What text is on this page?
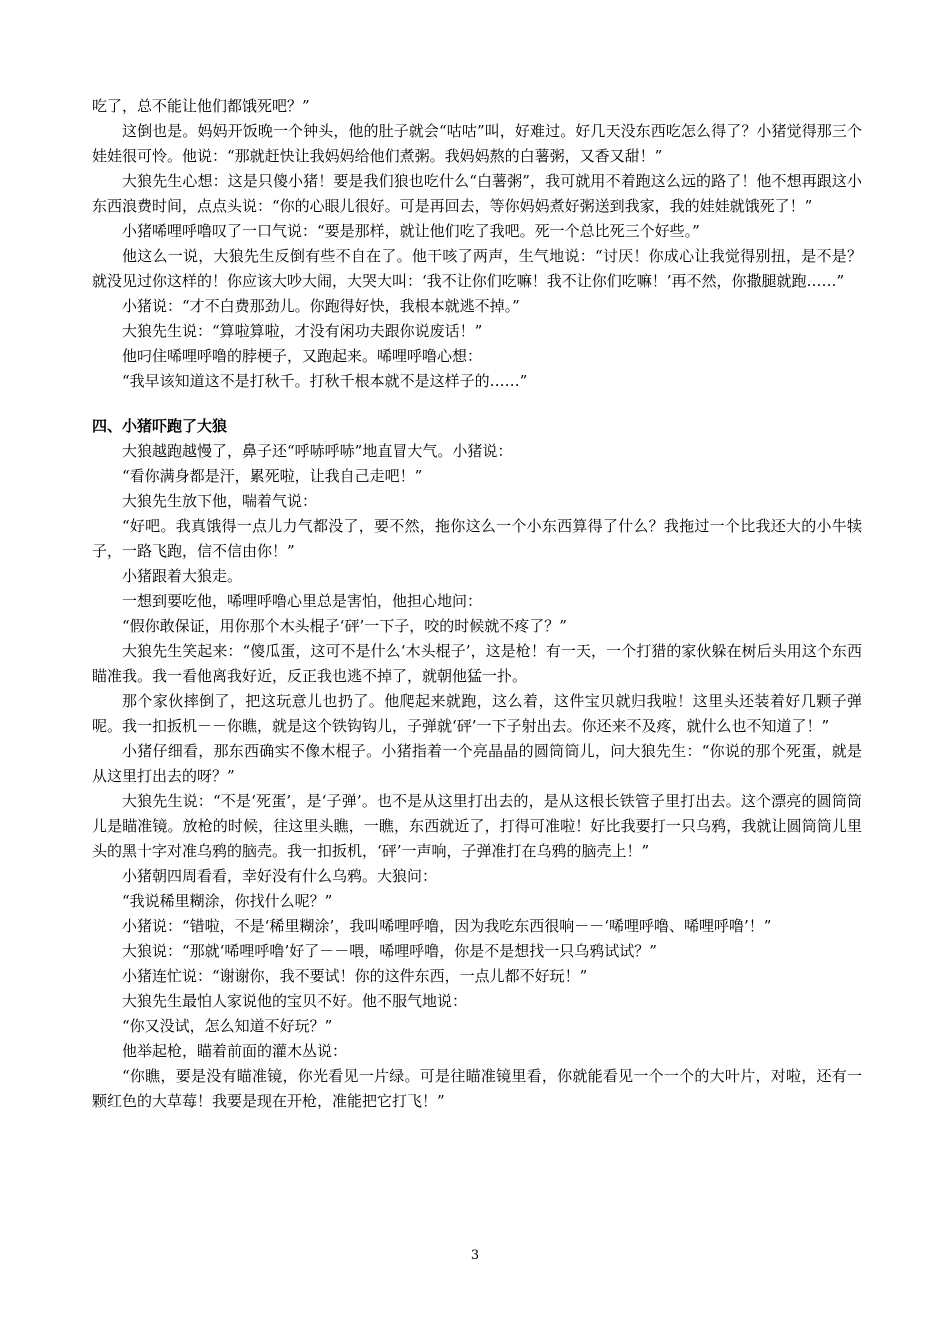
吃了，总不能让他们都饿死吧？”

这倒也是。妈妈开饭晚一个钟头，他的肚子就会“咕咕”叫，好难过。好几天没东西吃怎么得了？小猪觉得那三个娃娃很可怜。他说：“那就赶快让我妈妈给他们煮粥。我妈妈熬的白薯粥，又香又甜！”

大狼先生心想：这是只傻小猪！要是我们狼也吃什么“白薯粥”，我可就用不着跑这么远的路了！他不想再跟这小东西浪费时间，点点头说：“你的心眼儿很好。可是再回去，等你妈妈煮好粥送到我家，我的娃娃就饿死了！”

小猪唏哩呼噜叹了一口气说：“要是那样，就让他们吃了我吧。死一个总比死三个好些。”

他这么一说，大狼先生反倒有些不自在了。他干咳了两声，生气地说：“讨厌！你成心让我觉得别扭，是不是？就没见过你这样的！你应该大吵大闹，大哭大叫：‘我不让你们吃嘛！我不让你们吃嘛！’再不然，你撒腿就跑……”

小猪说：“才不白费那劲儿。你跑得好快，我根本就逃不掉。”

大狼先生说：“算啦算啦，才没有闲功夫跟你说废话！”

他叼住唏哩呼噜的脖梗子，又跑起来。唏哩呼噜心想：

“我早该知道这不是打秋千。打秋千根本就不是这样子的……”

四、小猪吓跑了大狼

大狼越跑越慢了，鼻子还“呼哧呼哧”地直冒大气。小猪说：

“看你满身都是汗，累死啦，让我自己走吧！”

大狼先生放下他，喘着气说：

“好吧。我真饿得一点儿力气都没了，要不然，拖你这么一个小东西算得了什么？我拖过一个比我还大的小牛犊子，一路飞跑，信不信由你！”

小猪跟着大狼走。

一想到要吃他，唏哩呼噜心里总是害怕，他担心地问：

“假你敢保证，用你那个木头棍子‘砰’一下子，咬的时候就不疼了？”

大狼先生笑起来：“傻瓜蛋，这可不是什么‘木头棍子’，这是枪！有一天，一个打猎的家伙躲在树后头用这个东西瞄准我。我一看他离我好近，反正我也逃不掉了，就朝他猛一扑。

那个家伙摔倒了，把这玩意儿也扔了。他爬起来就跑，这么着，这件宝贝就归我啦！这里头还装着好几颗子弹呢。我一扣扳机－－你瞧，就是这个铁钩钩儿，子弹就‘砰’一下子射出去。你还来不及疼，就什么也不知道了！”

小猪仔细看，那东西确实不像木棍子。小猪指着一个亮晶晶的圆筒筒儿，问大狼先生：“你说的那个死蛋，就是从这里打出去的呀？”

大狼先生说：“不是‘死蛋’，是‘子弹’。也不是从这里打出去的，是从这根长铁管子里打出去。这个漂亮的圆筒筒儿是瞄准镜。放枪的时候，往这里头瞧，一瞧，东西就近了，打得可准啦！好比我要打一只乌鸦，我就让圆筒筒儿里头的黑十字对准乌鸦的脑壳。我一扣扳机，‘砰’一声响，子弹准打在乌鸦的脑壳上！”

小猪朝四周看看，幸好没有什么乌鸦。大狼问：

“我说稀里糊涂，你找什么呢？”

小猪说：“错啦，不是‘稀里糊涂’，我叫唏哩呼噜，因为我吃东西很响－－‘唏哩呼噜、唏哩呼噜’！”

大狼说：“那就‘唏哩呼噜’好了－－喂，唏哩呼噜，你是不是想找一只乌鸦试试？”

小猪连忙说：“谢谢你，我不要试！你的这件东西，一点儿都不好玩！”

大狼先生最怕人家说他的宝贝不好。他不服气地说：

“你又没试，怎么知道不好玩？”

他举起枪，瞄着前面的灌木丛说：

“你瞧，要是没有瞄准镜，你光看见一片绿。可是往瞄准镜里看，你就能看见一个一个的大叶片，对啦，还有一颗红色的大草莓！我要是现在开枪，准能把它打飞！”

3
